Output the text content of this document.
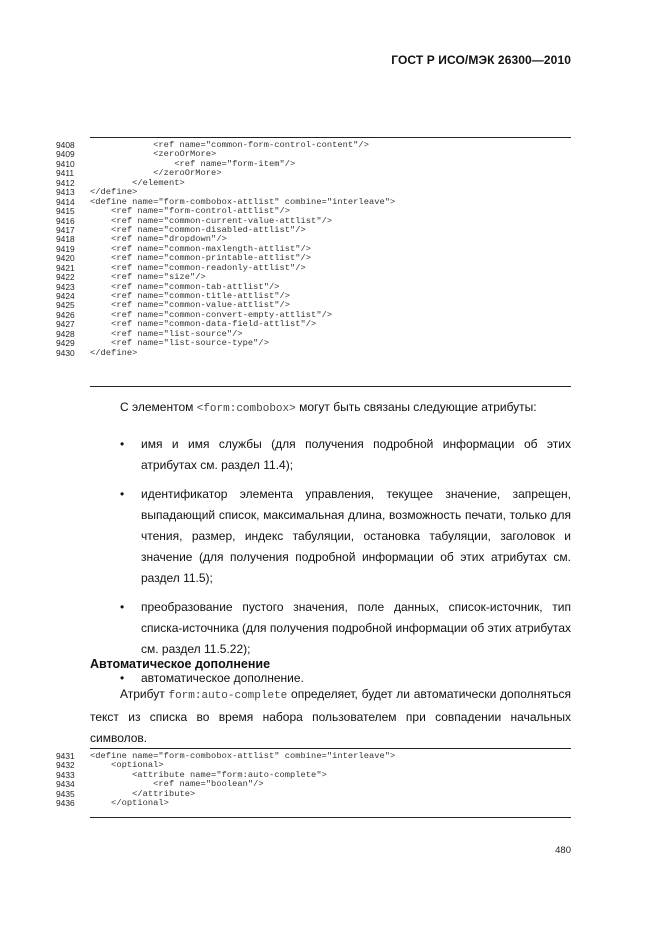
ГОСТ Р ИСО/МЭК 26300—2010
9408	<ref name="common-form-control-content"/>
9409	<zeroOrMore>
9410	<ref name="form-item"/>
9411	</zeroOrMore>
9412	</element>
9413	</define>
9414	<define name="form-combobox-attlist" combine="interleave">
9415	<ref name="form-control-attlist"/>
9416	<ref name="common-current-value-attlist"/>
9417	<ref name="common-disabled-attlist"/>
9418	<ref name="dropdown"/>
9419	<ref name="common-maxlength-attlist"/>
9420	<ref name="common-printable-attlist"/>
9421	<ref name="common-readonly-attlist"/>
9422	<ref name="size"/>
9423	<ref name="common-tab-attlist"/>
9424	<ref name="common-title-attlist"/>
9425	<ref name="common-value-attlist"/>
9426	<ref name="common-convert-empty-attlist"/>
9427	<ref name="common-data-field-attlist"/>
9428	<ref name="list-source"/>
9429	<ref name="list-source-type"/>
9430	</define>
С элементом <form:combobox> могут быть связаны следующие атрибуты:
• имя и имя службы (для получения подробной информации об этих атрибутах см. раздел 11.4);
• идентификатор элемента управления, текущее значение, запрещен, выпадающий список, максимальная длина, возможность печати, только для чтения, размер, индекс табуляции, остановка табуляции, заголовок и значение (для получения подробной информации об этих атрибутах см. раздел 11.5);
• преобразование пустого значения, поле данных, список-источник, тип списка-источника (для получения подробной информации об этих атрибутах см. раздел 11.5.22);
• автоматическое дополнение.
Автоматическое дополнение
Атрибут form:auto-complete определяет, будет ли автоматически дополняться текст из списка во время набора пользователем при совпадении начальных символов.
9431	<define name="form-combobox-attlist" combine="interleave">
9432	<optional>
9433	<attribute name="form:auto-complete">
9434	<ref name="boolean"/>
9435	</attribute>
9436	</optional>
480
